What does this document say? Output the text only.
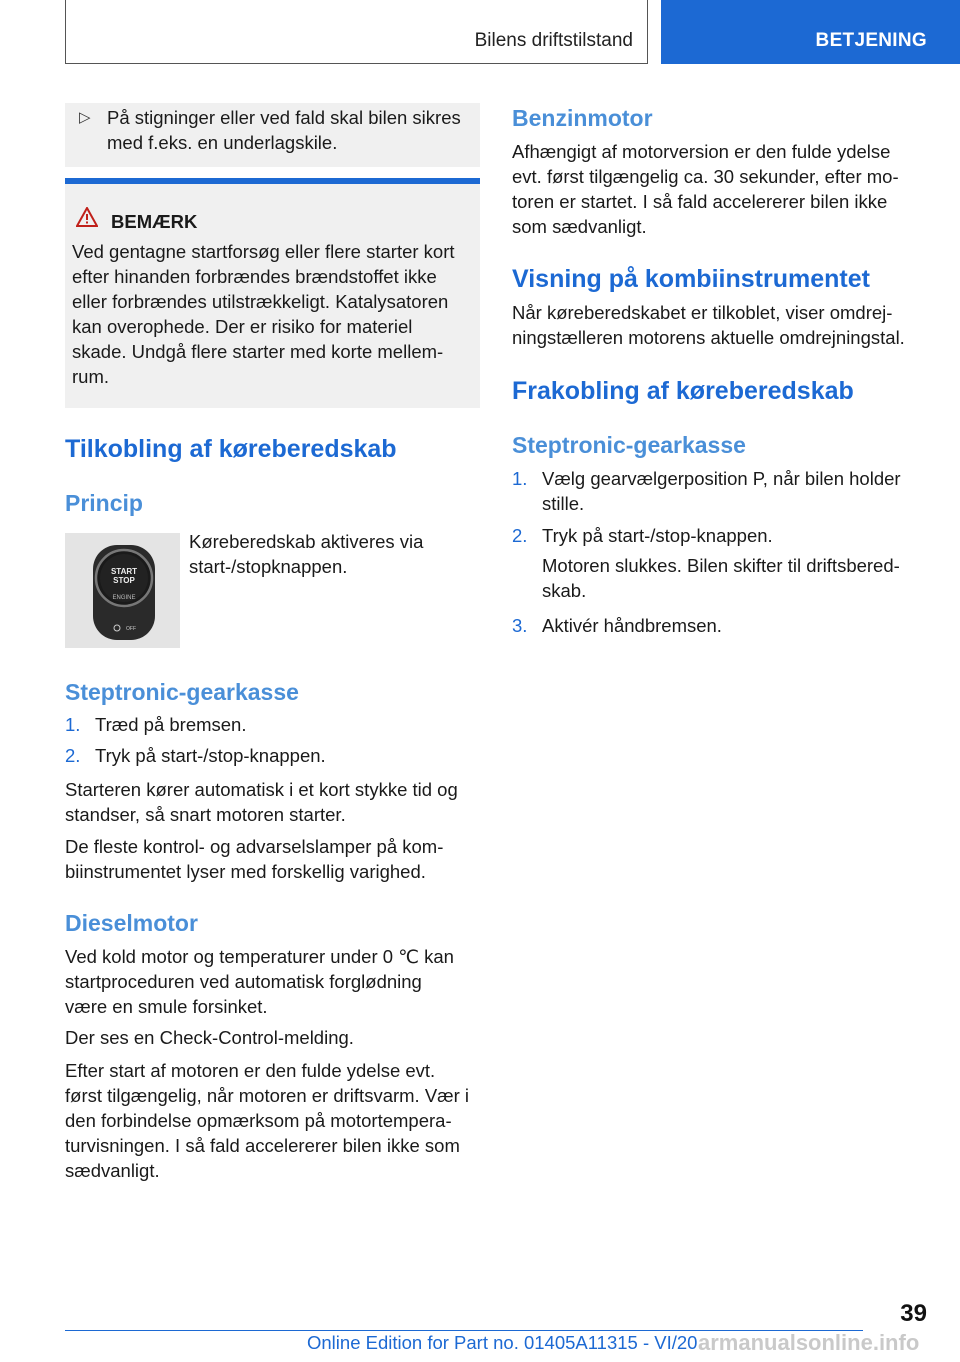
Bilens driftstilstand	BETJENING
▷ På stigninger eller ved fald skal bilen sikres

med f.eks. en underlagskile.

BEMÆRK

Ved gentagne startforsøg eller flere starter kort

efter hinanden forbrændes brændstoffet ikke

eller forbrændes utilstrækkeligt. Katalysatoren

kan overophede. Der er risiko for materiel

skade. Undgå flere starter med korte mellem-

rum.

Tilkobling af køreberedskab
Princip
START
STOP
ENGINE
OFF

Køreberedskab aktiveres via

start-/stopknappen.

Steptronic-gearkasse
1. Træd på bremsen.
2. Tryk på start-/stop-knappen.

Starteren kører automatisk i et kort stykke tid og

standser, så snart motoren starter.

De fleste kontrol- og advarselslamper på kom-

biinstrumentet lyser med forskellig varighed.

Dieselmotor

Ved kold motor og temperaturer under 0 ℃ kan

startproceduren ved automatisk forglødning

være en smule forsinket.

Der ses en Check-Control-melding.

Efter start af motoren er den fulde ydelse evt.

først tilgængelig, når motoren er driftsvarm. Vær i

den forbindelse opmærksom på motortempera-

turvisningen. I så fald accelererer bilen ikke som

sædvanligt.

Benzinmotor

Afhængigt af motorversion er den fulde ydelse

evt. først tilgængelig ca. 30 sekunder, efter mo-

toren er startet. I så fald accelererer bilen ikke

som sædvanligt.

Visning på kombiinstrumentet

Når køreberedskabet er tilkoblet, viser omdrej-

ningstælleren motorens aktuelle omdrejningstal.

Frakobling af køreberedskab
Steptronic-gearkasse
1. Vælg gearvælgerposition P, når bilen holder
stille.
2. Tryk på start-/stop-knappen.
Motoren slukkes. Bilen skifter til driftsbered-
skab.
3. Aktivér håndbremsen.
39
Online Edition for Part no. 01405A11315 - VI/20 armanualsonline.info
